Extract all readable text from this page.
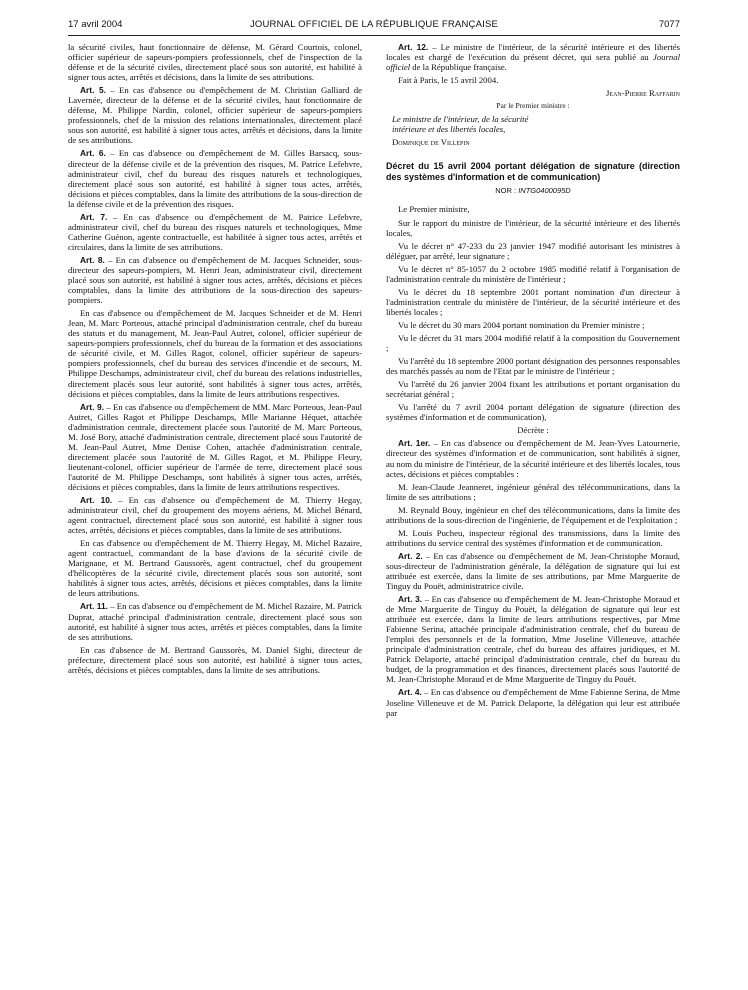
17 avril 2004	JOURNAL OFFICIEL DE LA RÉPUBLIQUE FRANÇAISE	7077

la sécurité civiles, haut fonctionnaire de défense, M. Gérard Courtois, colonel, officier supérieur de sapeurs-pompiers professionnels, chef de l'inspection de la défense et de la sécurité civiles, directement placé sous son autorité, est habilité à signer tous actes, arrêtés et décisions, dans la limite de ses attributions.

Art. 5. – En cas d'absence ou d'empêchement de M. Christian Galliard de Lavernée, directeur de la défense et de la sécurité civiles, haut fonctionnaire de défense, M. Philippe Nardin, colonel, officier supérieur de sapeurs-pompiers professionnels, chef de la mission des relations internationales, directement placé sous son autorité, est habilité à signer tous actes, arrêtés et décisions, dans la limite de ses attributions.

Art. 6. – En cas d'absence ou d'empêchement de M. Gilles Barsacq, sous-directeur de la défense civile et de la prévention des risques, M. Patrice Lefebvre, administrateur civil, chef du bureau des risques naturels et technologiques, directement placé sous son autorité, est habilité à signer tous actes, arrêtés, décisions et pièces comptables, dans la limite des attributions de la sous-direction de la défense civile et de la prévention des risques.

Art. 7. – En cas d'absence ou d'empêchement de M. Patrice Lefebvre, administrateur civil, chef du bureau des risques naturels et technologiques, Mme Catherine Guénon, agente contractuelle, est habilitée à signer tous actes, arrêtés et circulaires, dans la limite de ses attributions.

Art. 8. – En cas d'absence ou d'empêchement de M. Jacques Schneider, sous-directeur des sapeurs-pompiers, M. Henri Jean, administrateur civil, directement placé sous son autorité, est habilité à signer tous actes, arrêtés, décisions et pièces comptables, dans la limite des attributions de la sous-direction des sapeurs-pompiers.

En cas d'absence ou d'empêchement de M. Jacques Schneider et de M. Henri Jean, M. Marc Porteous, attaché principal d'administration centrale, chef du bureau des statuts et du management, M. Jean-Paul Autret, colonel, officier supérieur de sapeurs-pompiers professionnels, chef du bureau de la formation et des associations de sécurité civile, et M. Gilles Ragot, colonel, officier supérieur de sapeurs-pompiers professionnels, chef du bureau des services d'incendie et de secours, M. Philippe Deschamps, administrateur civil, chef du bureau des relations industrielles, directement placés sous leur autorité, sont habilités à signer tous actes, arrêtés, décisions et pièces comptables, dans la limite de leurs attributions respectives.

Art. 9. – En cas d'absence ou d'empêchement de MM. Marc Porteous, Jean-Paul Autret, Gilles Ragot et Philippe Deschamps, Mlle Marianne Héquet, attachée d'administration centrale, directement placée sous l'autorité de M. Marc Porteous, M. José Bory, attaché d'administration centrale, directement placé sous l'autorité de M. Jean-Paul Autret, Mme Denise Cohen, attachée d'administration centrale, directement placée sous l'autorité de M. Gilles Ragot, et M. Philippe Fleury, lieutenant-colonel, officier supérieur de l'armée de terre, directement placé sous l'autorité de M. Philippe Deschamps, sont habilités à signer tous actes, arrêtés, décisions et pièces comptables, dans la limite de leurs attributions respectives.

Art. 10. – En cas d'absence ou d'empêchement de M. Thierry Hegay, administrateur civil, chef du groupement des moyens aériens, M. Michel Bénard, agent contractuel, directement placé sous son autorité, est habilité à signer tous actes, arrêtés, décisions et pièces comptables, dans la limite de ses attributions.

En cas d'absence ou d'empêchement de M. Thierry Hegay, M. Michel Razaire, agent contractuel, commandant de la base d'avions de la sécurité civile de Marignane, et M. Bertrand Gaussorès, agent contractuel, chef du groupement d'hélicoptères de la sécurité civile, directement placés sous son autorité, sont habilités à signer tous actes, arrêtés, décisions et pièces comptables, dans la limite de leurs attributions.

Art. 11. – En cas d'absence ou d'empêchement de M. Michel Razaire, M. Patrick Duprat, attaché principal d'administration centrale, directement placé sous son autorité, est habilité à signer tous actes, arrêtés et pièces comptables, dans la limite de ses attributions.

En cas d'absence de M. Bertrand Gaussorès, M. Daniel Sighi, directeur de préfecture, directement placé sous son autorité, est habilité à signer tous actes, arrêtés, décisions et pièces comptables, dans la limite de ses attributions.

Art. 12. – Le ministre de l'intérieur, de la sécurité intérieure et des libertés locales est chargé de l'exécution du présent décret, qui sera publié au Journal officiel de la République française.

Fait à Paris, le 15 avril 2004.

Jean-Pierre Raffarin

Par le Premier ministre :

Le ministre de l'intérieur, de la sécurité intérieure et des libertés locales,

Dominique de Villepin

Décret du 15 avril 2004 portant délégation de signature (direction des systèmes d'information et de communication)

NOR : INTG0400095D

Le Premier ministre,

Sur le rapport du ministre de l'intérieur, de la sécurité intérieure et des libertés locales,

Vu le décret n° 47-233 du 23 janvier 1947 modifié autorisant les ministres à déléguer, par arrêté, leur signature ;

Vu le décret n° 85-1057 du 2 octobre 1985 modifié relatif à l'organisation de l'administration centrale du ministère de l'intérieur ;

Vu le décret du 18 septembre 2001 portant nomination d'un directeur à l'administration centrale du ministère de l'intérieur, de la sécurité intérieure et des libertés locales ;

Vu le décret du 30 mars 2004 portant nomination du Premier ministre ;

Vu le décret du 31 mars 2004 modifié relatif à la composition du Gouvernement ;

Vu l'arrêté du 18 septembre 2000 portant désignation des personnes responsables des marchés passés au nom de l'Etat par le ministre de l'intérieur ;

Vu l'arrêté du 26 janvier 2004 fixant les attributions et portant organisation du secrétariat général ;

Vu l'arrêté du 7 avril 2004 portant délégation de signature (direction des systèmes d'information et de communication),

Décrète :

Art. 1er. – En cas d'absence ou d'empêchement de M. Jean-Yves Latournerie, directeur des systèmes d'information et de communication, sont habilités à signer, au nom du ministre de l'intérieur, de la sécurité intérieure et des libertés locales, tous actes, décisions et pièces comptables :

M. Jean-Claude Jeanneret, ingénieur général des télécommunications, dans la limite de ses attributions ;

M. Reynald Bouy, ingénieur en chef des télécommunications, dans la limite des attributions de la sous-direction de l'ingénierie, de l'équipement et de l'exploitation ;

M. Louis Pucheu, inspecteur régional des transmissions, dans la limite des attributions du service central des systèmes d'information et de communication.

Art. 2. – En cas d'absence ou d'empêchement de M. Jean-Christophe Moraud, sous-directeur de l'administration générale, la délégation de signature qui lui est attribuée est exercée, dans la limite de ses attributions, par Mme Marguerite de Tinguy du Pouët, administratrice civile.

Art. 3. – En cas d'absence ou d'empêchement de M. Jean-Christophe Moraud et de Mme Marguerite de Tinguy du Pouët, la délégation de signature qui leur est attribuée est exercée, dans la limite de leurs attributions respectives, par Mme Fabienne Serina, attachée principale d'administration centrale, chef du bureau de l'emploi des personnels et de la formation, Mme Joseline Villeneuve, attachée principale d'administration centrale, chef du bureau des affaires juridiques, et M. Patrick Delaporte, attaché principal d'administration centrale, chef du bureau du budget, de la programmation et des finances, directement placés sous l'autorité de M. Jean-Christophe Moraud et de Mme Marguerite de Tinguy du Pouët.

Art. 4. – En cas d'absence ou d'empêchement de Mme Fabienne Serina, de Mme Joseline Villeneuve et de M. Patrick Delaporte, la délégation qui leur est attribuée par
